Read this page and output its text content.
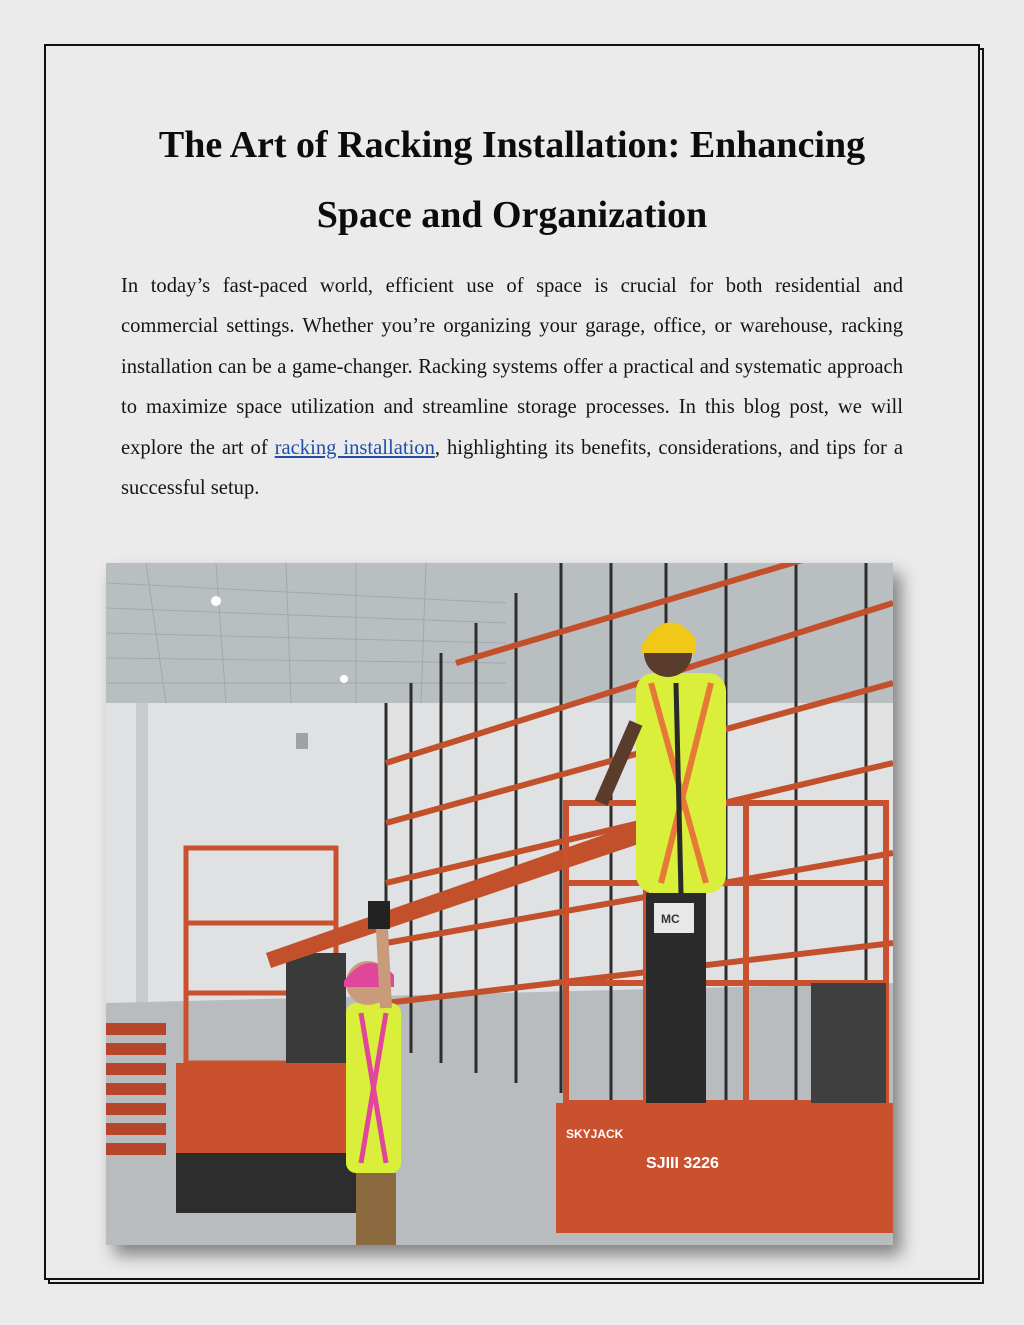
The Art of Racking Installation: Enhancing
Space and Organization

In today’s fast-paced world, efficient use of space is crucial for both residential and commercial settings. Whether you’re organizing your garage, office, or warehouse, racking installation can be a game-changer. Racking systems offer a practical and systematic approach to maximize space utilization and streamline storage processes. In this blog post, we will explore the art of racking installation, highlighting its benefits, considerations, and tips for a successful setup.

SJIII 3226
SKYJACK
MC
